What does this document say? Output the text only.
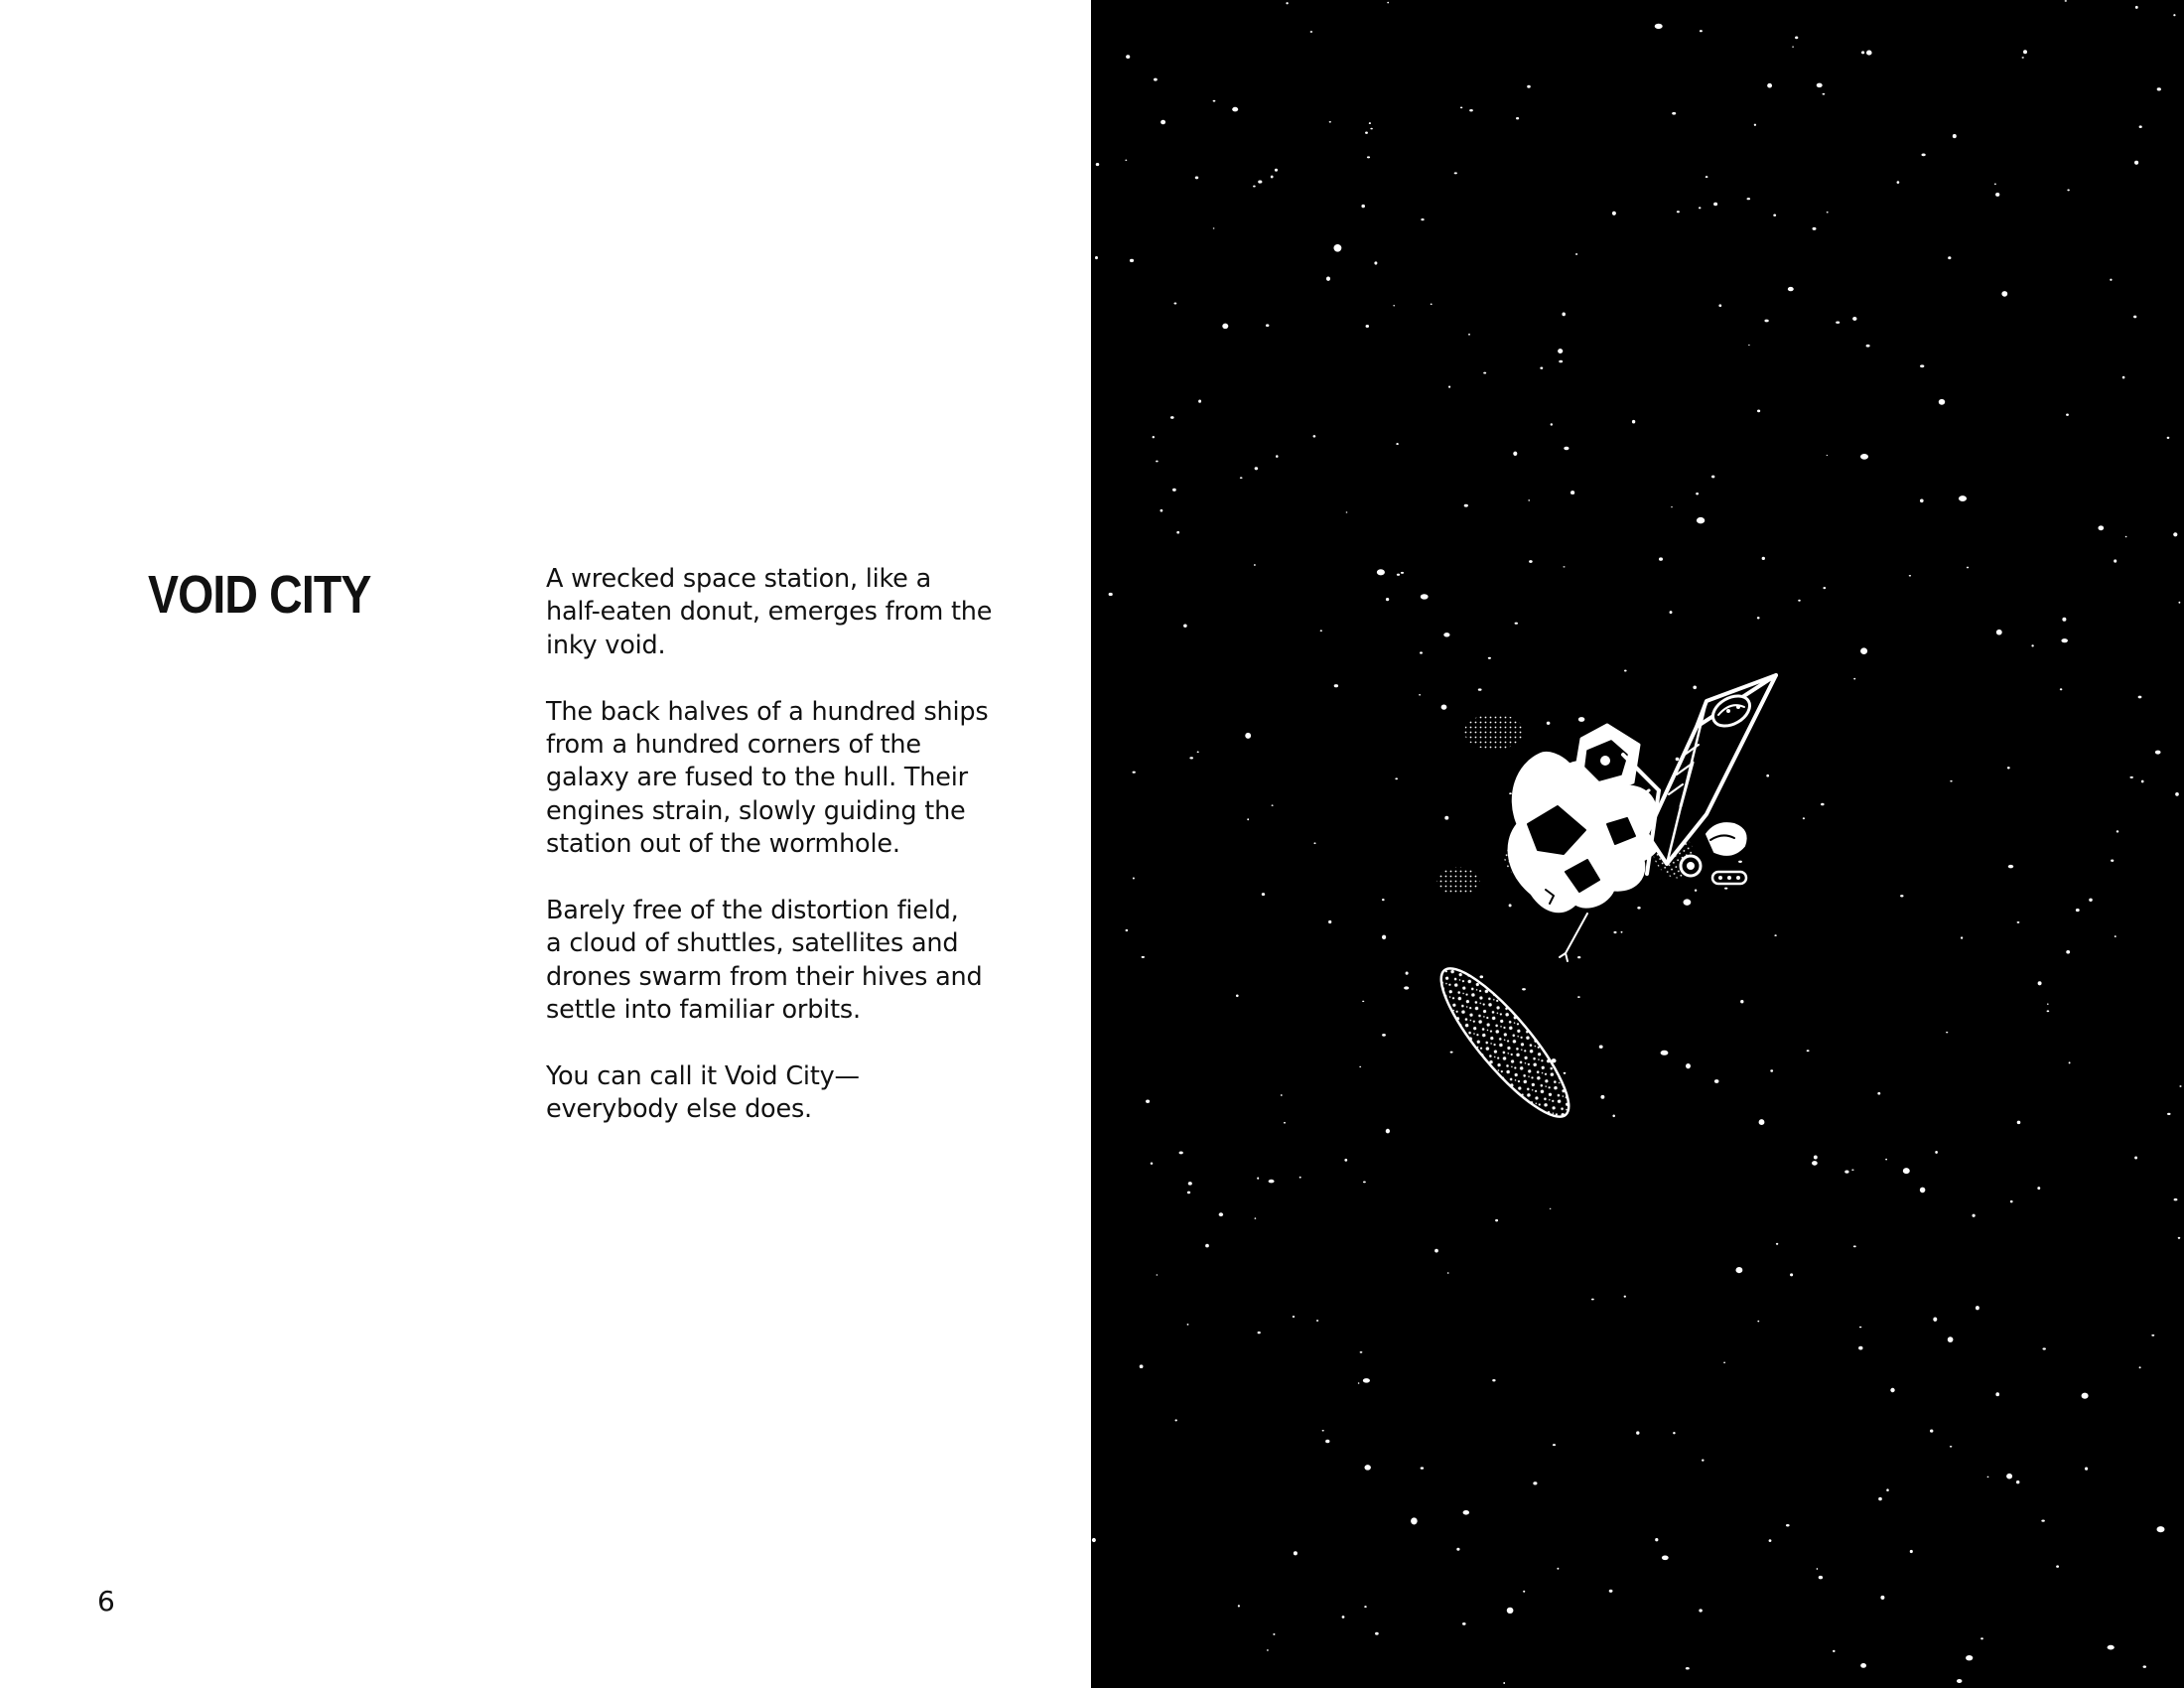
VOID CITY	A wrecked space station, like a
half-eaten donut, emerges from the
inky void.

The back halves of a hundred ships
from a hundred corners of the
galaxy are fused to the hull. Their
engines strain, slowly guiding the
station out of the wormhole.

Barely free of the distortion field,
a cloud of shuttles, satellites and
drones swarm from their hives and
settle into familiar orbits.

You can call it Void City—
everybody else does.

6
